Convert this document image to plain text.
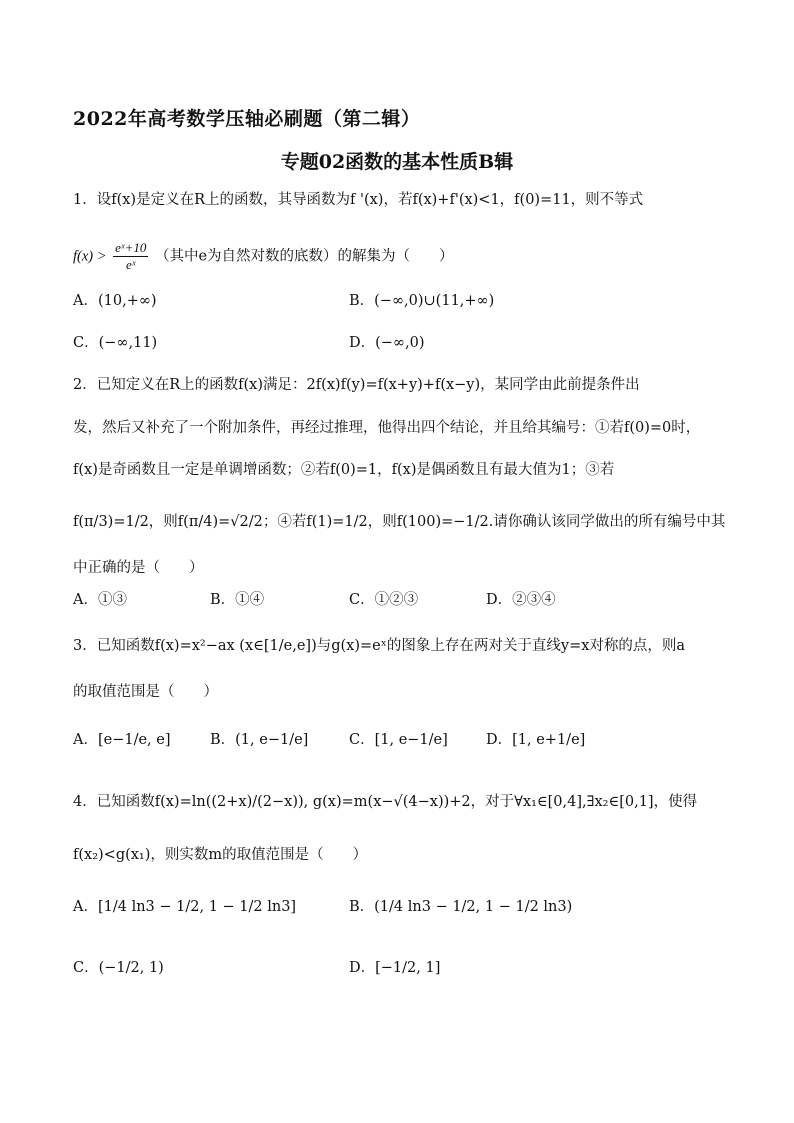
2022年高考数学压轴必刷题（第二辑）
专题02函数的基本性质B辑
1．设f(x)是定义在R上的函数，其导函数为f '(x)，若f(x)+f'(x)<1，f(0)=11，则不等式
$f(x) > \frac{\text{eˣ+10}}{\text{eˣ}}$ （其中e为自然对数的底数）的解集为（　　）
A．(10,+∞)	B．(−∞,0)∪(11,+∞)
C．(−∞,11)	D．(−∞,0)
2．已知定义在R上的函数f(x)满足：2f(x)f(y)=f(x+y)+f(x−y)，某同学由此前提条件出
发，然后又补充了一个附加条件，再经过推理，他得出四个结论，并且给其编号：①若f(0)=0时，
f(x)是奇函数且一定是单调增函数；②若f(0)=1，f(x)是偶函数且有最大值为1；③若
f(π/3)=1/2，则f(π/4)=√2/2；④若f(1)=1/2，则f(100)=−1/2.请你确认该同学做出的所有编号中其
中正确的是（　　）
A．①③	B．①④	C．①②③	D．②③④
3．已知函数f(x)=x²−ax (x∈[1/e,e])与g(x)=eˣ的图象上存在两对关于直线y=x对称的点，则a
的取值范围是（　　）
A．[e−1/e, e]	B．(1, e−1/e]	C．[1, e−1/e]	D．[1, e+1/e]
4．已知函数f(x)=ln((2+x)/(2−x)), g(x)=m(x−√(4−x))+2，对于∀x₁∈[0,4],∃x₂∈[0,1]，使得
f(x₂)<g(x₁)，则实数m的取值范围是（　　）
A．[1/4 ln3 − 1/2, 1 − 1/2 ln3]	B．(1/4 ln3 − 1/2, 1 − 1/2 ln3)
C．(−1/2, 1)	D．[−1/2, 1]
